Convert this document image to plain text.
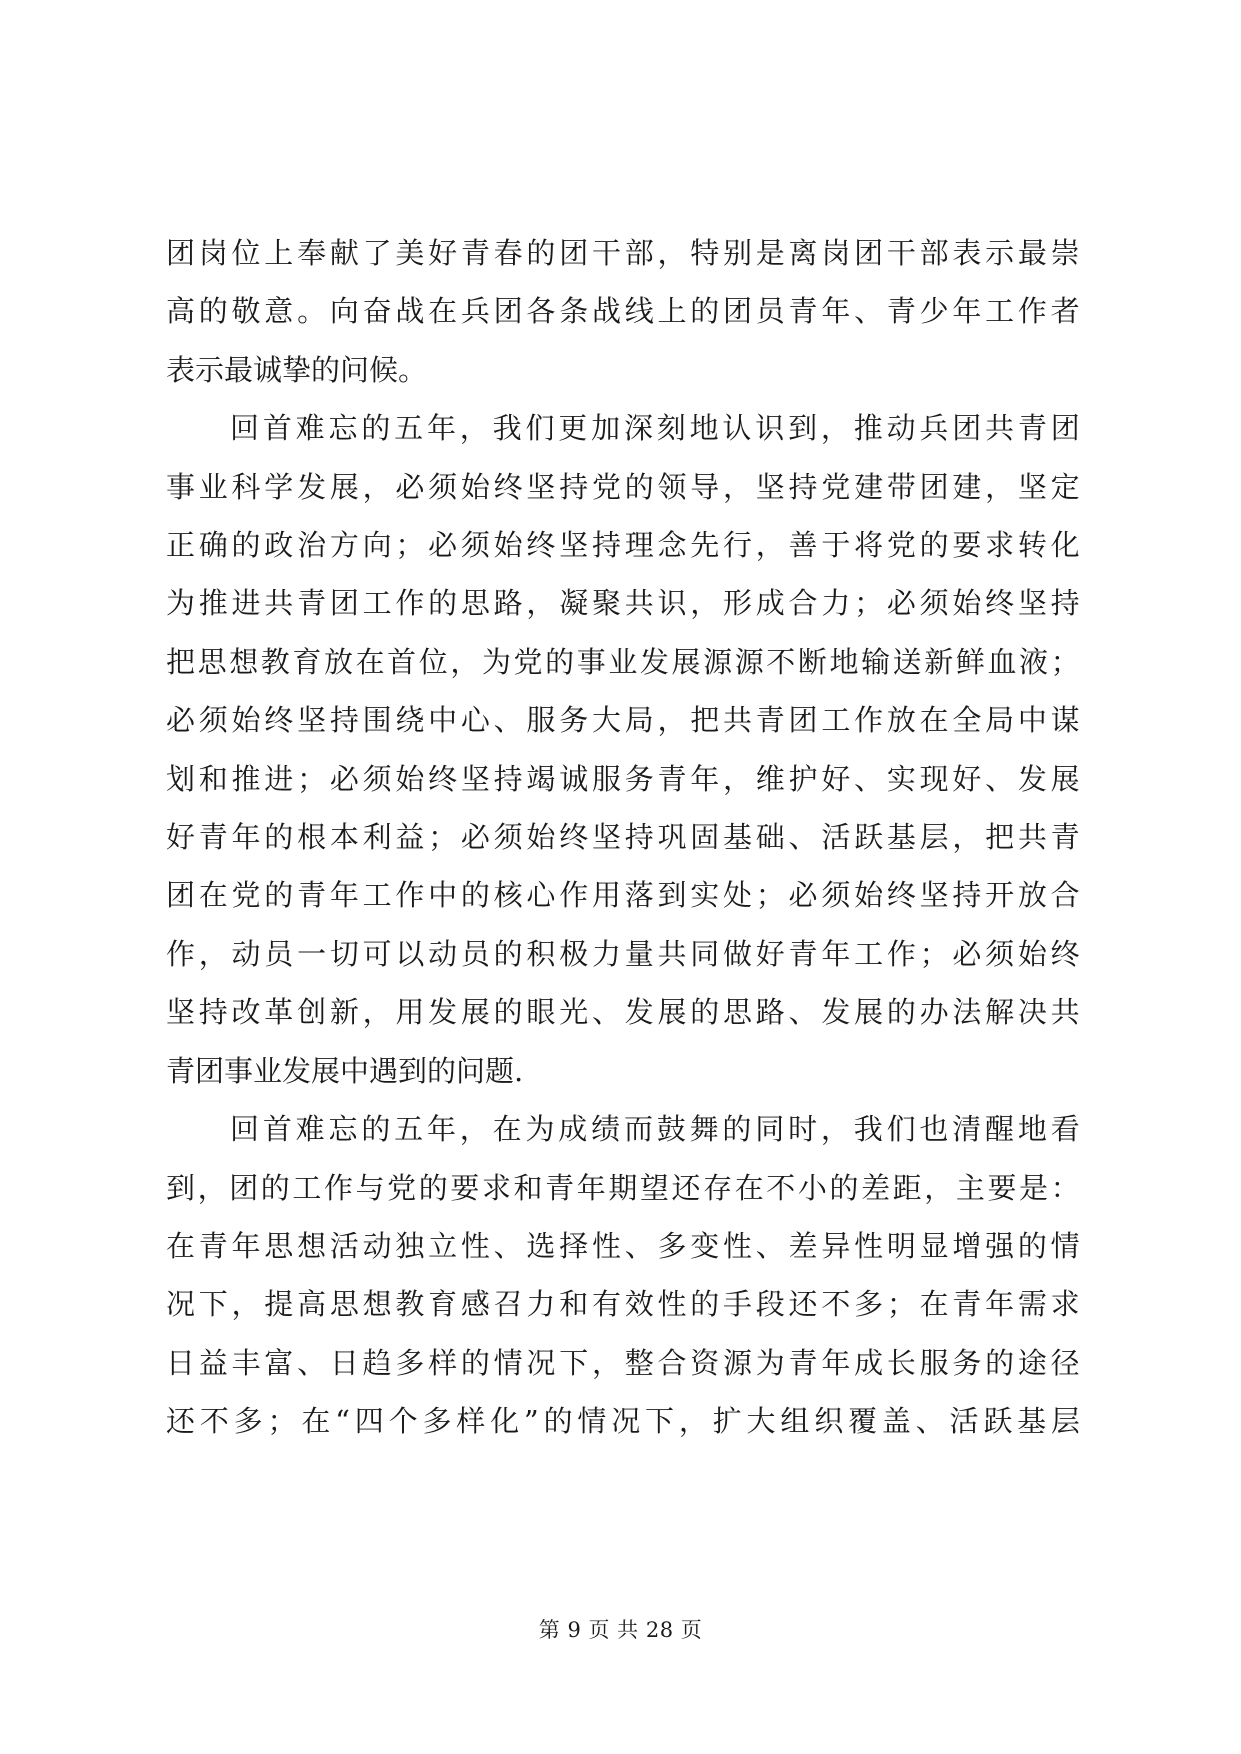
团 岗 位 上 奉 献 了 美 好 青 春 的 团 干 部 ， 特 别 是 离 岗 团 干 部 表 示 最 崇
高 的 敬 意 。 向 奋 战 在 兵 团 各 条 战 线 上 的 团 员 青 年 、 青 少 年 工 作 者
表示最诚挚的问候。

回 首 难 忘 的 五 年 ， 我 们 更 加 深 刻 地 认 识 到 ， 推 动 兵 团 共 青 团
事 业 科 学 发 展 ， 必 须 始 终 坚 持 党 的 领 导 ， 坚 持 党 建 带 团 建 ， 坚 定
正 确 的 政 治 方 向 ； 必 须 始 终 坚 持 理 念 先 行 ， 善 于 将 党 的 要 求 转 化
为 推 进 共 青 团 工 作 的 思 路 ， 凝 聚 共 识 ， 形 成 合 力 ； 必 须 始 终 坚 持
把 思 想 教 育 放 在 首 位 ， 为 党 的 事 业 发 展 源 源 不 断 地 输 送 新 鲜 血 液 ；
必 须 始 终 坚 持 围 绕 中 心 、 服 务 大 局 ， 把 共 青 团 工 作 放 在 全 局 中 谋
划 和 推 进 ； 必 须 始 终 坚 持 竭 诚 服 务 青 年 ， 维 护 好 、 实 现 好 、 发 展
好 青 年 的 根 本 利 益 ； 必 须 始 终 坚 持 巩 固 基 础 、 活 跃 基 层 ， 把 共 青
团 在 党 的 青 年 工 作 中 的 核 心 作 用 落 到 实 处 ； 必 须 始 终 坚 持 开 放 合
作 ， 动 员 一 切 可 以 动 员 的 积 极 力 量 共 同 做 好 青 年 工 作 ； 必 须 始 终
坚 持 改 革 创 新 ， 用 发 展 的 眼 光 、 发 展 的 思 路 、 发 展 的 办 法 解 决 共
青团事业发展中遇到的问题.

回 首 难 忘 的 五 年 ， 在 为 成 绩 而 鼓 舞 的 同 时 ， 我 们 也 清 醒 地 看
到 ， 团 的 工 作 与 党 的 要 求 和 青 年 期 望 还 存 在 不 小 的 差 距 ， 主 要 是 ：
在 青 年 思 想 活 动 独 立 性 、 选 择 性 、 多 变 性 、 差 异 性 明 显 增 强 的 情
况 下 ， 提 高 思 想 教 育 感 召 力 和 有 效 性 的 手 段 还 不 多 ； 在 青 年 需 求
日 益 丰 富 、 日 趋 多 样 的 情 况 下 ， 整 合 资 源 为 青 年 成 长 服 务 的 途 径
还 不 多 ； 在 “ 四 个 多 样 化 ” 的 情 况 下 ， 扩 大 组 织 覆 盖 、 活 跃 基 层

第 9 页 共 28 页
